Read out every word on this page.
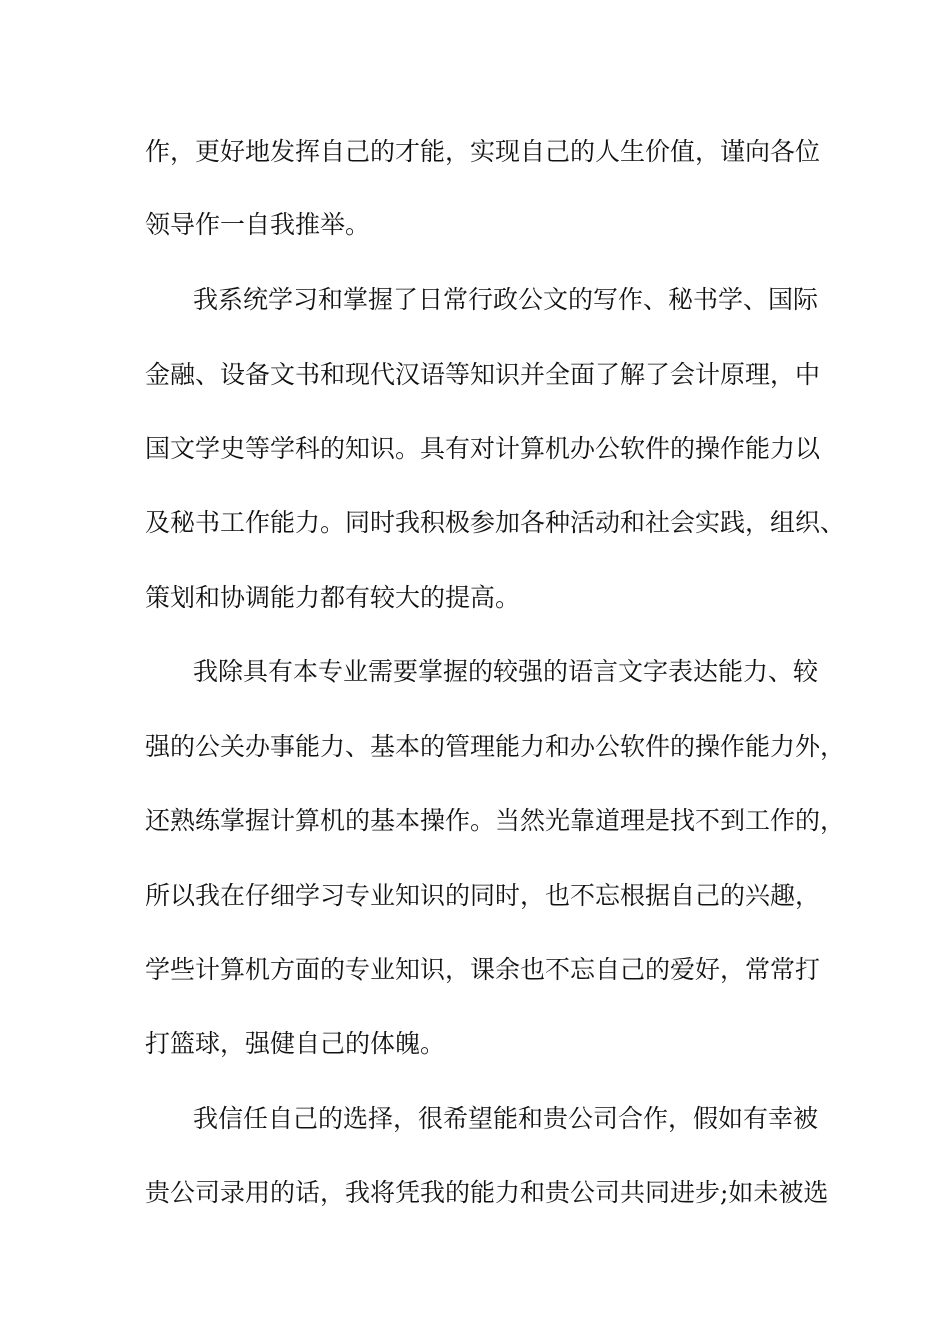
作，更好地发挥自己的才能，实现自己的人生价值，谨向各位
领导作一自我推举。
我系统学习和掌握了日常行政公文的写作、秘书学、国际
金融、设备文书和现代汉语等知识并全面了解了会计原理，中
国文学史等学科的知识。具有对计算机办公软件的操作能力以
及秘书工作能力。同时我积极参加各种活动和社会实践，组织、
策划和协调能力都有较大的提高。
我除具有本专业需要掌握的较强的语言文字表达能力、较
强的公关办事能力、基本的管理能力和办公软件的操作能力外，
还熟练掌握计算机的基本操作。当然光靠道理是找不到工作的，
所以我在仔细学习专业知识的同时，也不忘根据自己的兴趣，
学些计算机方面的专业知识，课余也不忘自己的爱好，常常打
打篮球，强健自己的体魄。
我信任自己的选择，很希望能和贵公司合作，假如有幸被
贵公司录用的话，我将凭我的能力和贵公司共同进步;如未被选
